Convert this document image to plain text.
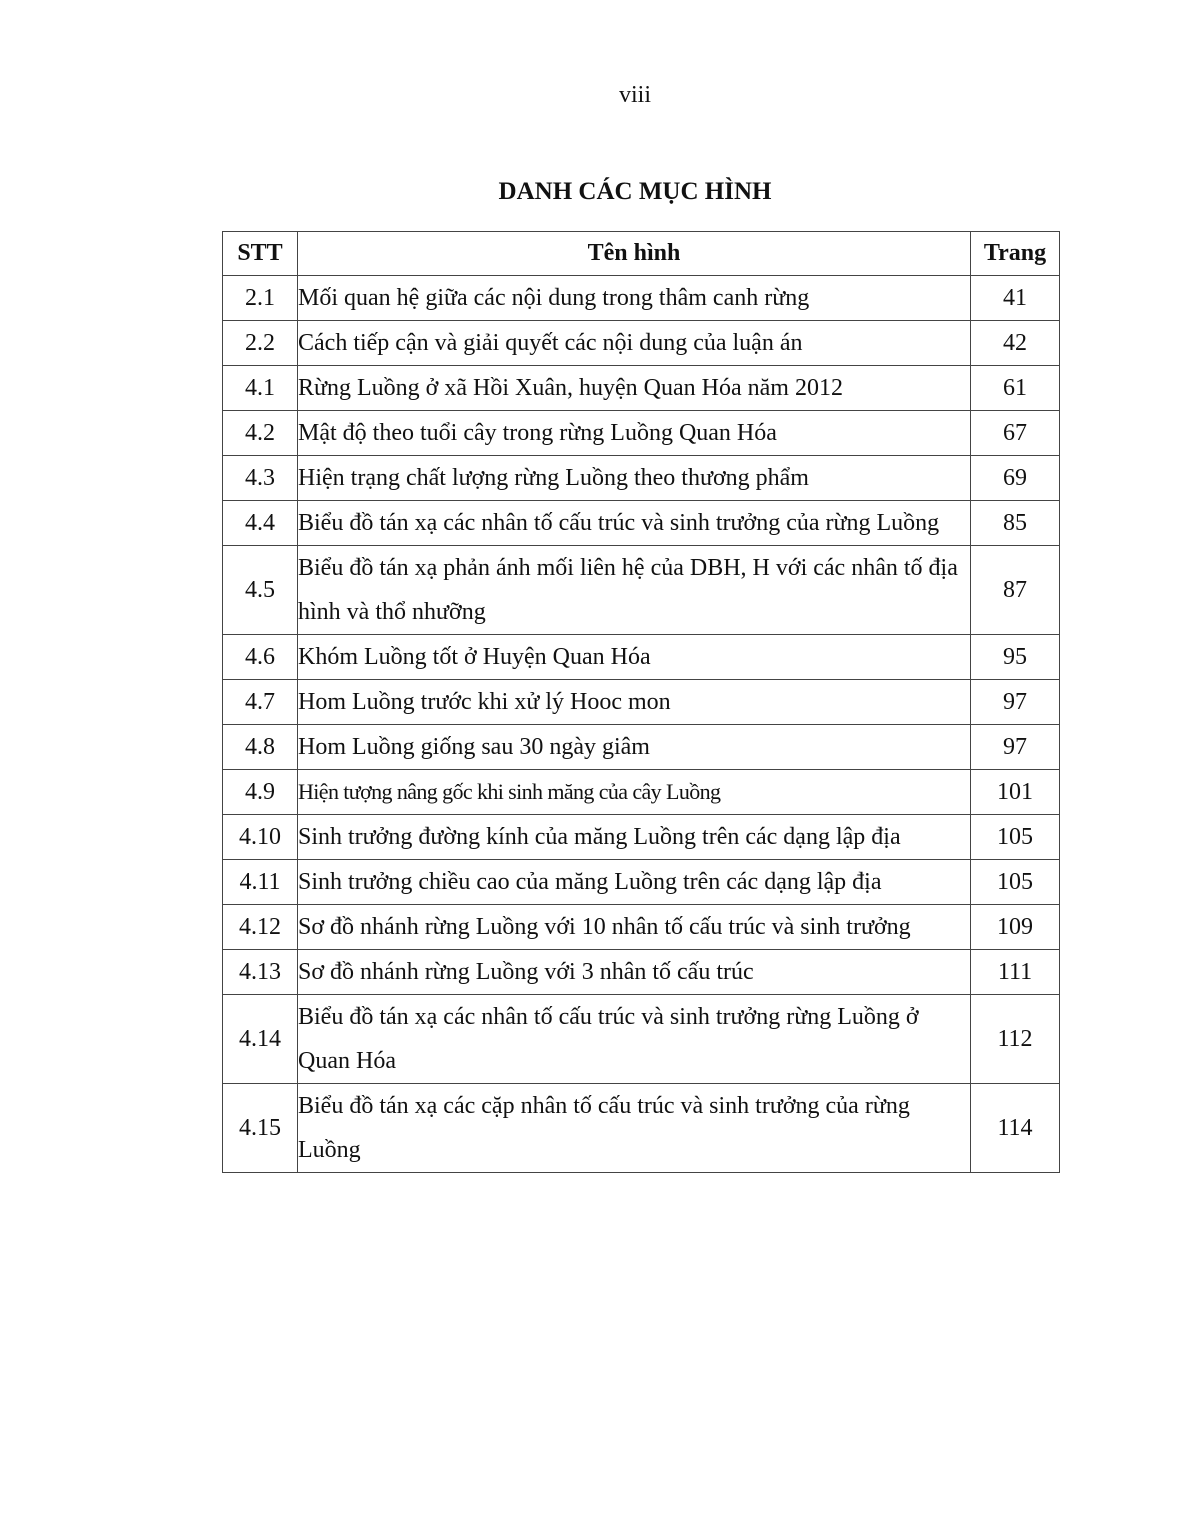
viii
DANH CÁC MỤC HÌNH
STT	Tên hình	Trang
2.1	Mối quan hệ giữa các nội dung trong thâm canh rừng	41
2.2	Cách tiếp cận và giải quyết các nội dung của luận án	42
4.1	Rừng Luồng ở xã Hồi Xuân, huyện Quan Hóa năm 2012	61
4.2	Mật độ theo tuổi cây trong rừng Luồng Quan Hóa	67
4.3	Hiện trạng chất lượng rừng Luồng theo thương phẩm	69
4.4	Biểu đồ tán xạ các nhân tố cấu trúc và sinh trưởng của rừng Luồng	85
4.5	Biểu đồ tán xạ phản ánh mối liên hệ của DBH, H với các nhân tố địa hình và thổ nhưỡng	87
4.6	Khóm Luồng tốt ở Huyện Quan Hóa	95
4.7	Hom Luồng trước khi xử lý Hooc mon	97
4.8	Hom Luồng giống sau 30 ngày giâm	97
4.9	Hiện tượng nâng gốc khi sinh măng của cây Luồng	101
4.10	Sinh trưởng đường kính của măng Luồng trên các dạng lập địa	105
4.11	Sinh trưởng chiều cao của măng Luồng trên các dạng lập địa	105
4.12	Sơ đồ nhánh rừng Luồng với 10 nhân tố cấu trúc và sinh trưởng	109
4.13	Sơ đồ nhánh rừng Luồng với 3 nhân tố cấu trúc	111
4.14	Biểu đồ tán xạ các nhân tố cấu trúc và sinh trưởng rừng Luồng ở Quan Hóa	112
4.15	Biểu đồ tán xạ các cặp nhân tố cấu trúc và sinh trưởng của rừng Luồng	114
